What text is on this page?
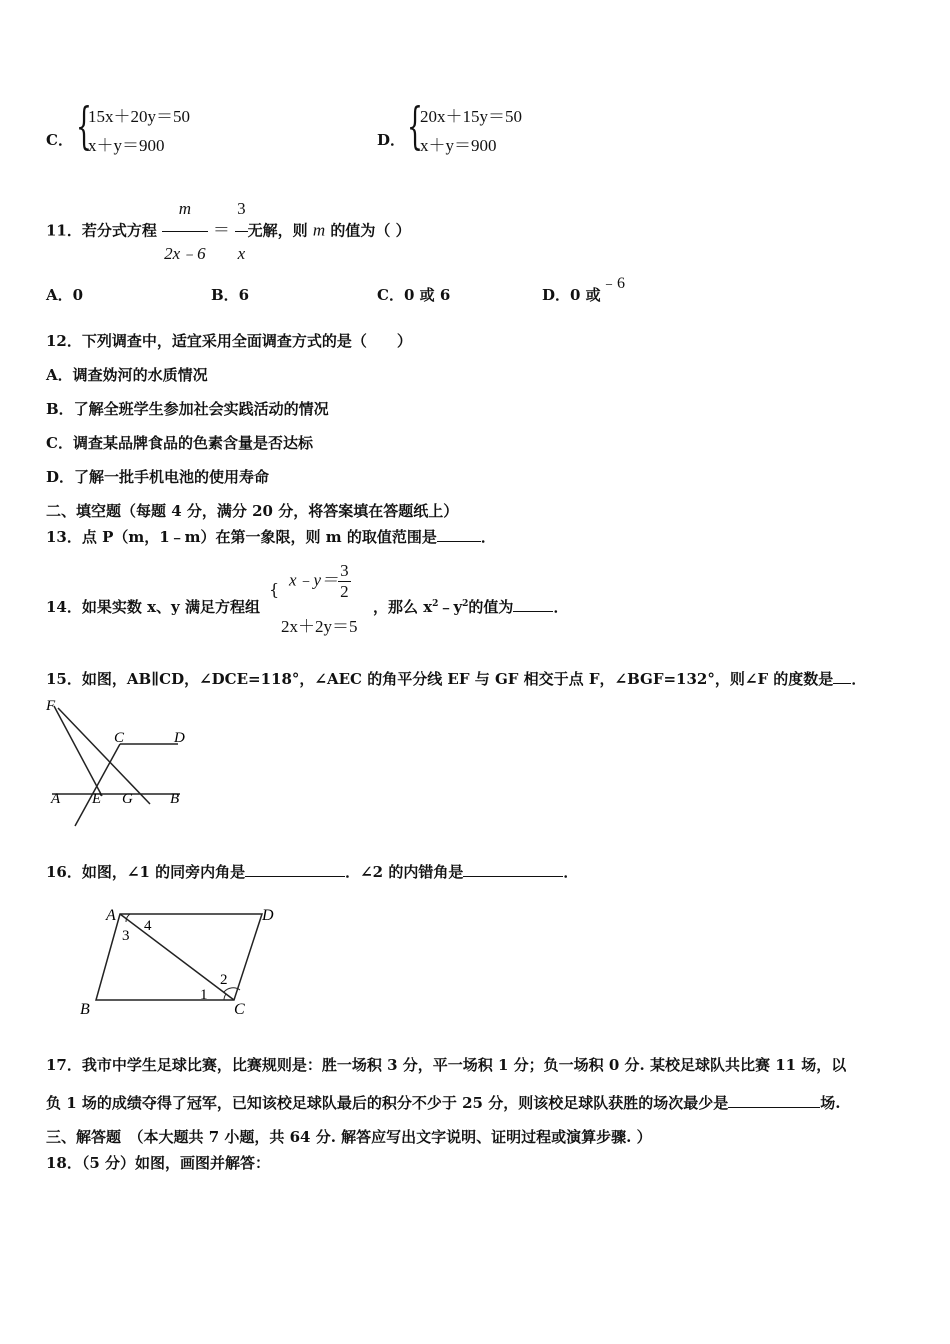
C． {
15x＋20y＝50
x＋y＝900	D． {
20x＋15y＝50
x＋y＝900
11．若分式方程 $\frac{m}{2x﹣6} = \frac{3}{x}$ 无解，则 m 的值为（ ）
A．0	B．6	C．0 或 6	D．0 或
﹣6
12．下列调查中，适宜采用全面调查方式的是（　　）
A．调查妫河的水质情况
B．了解全班学生参加社会实践活动的情况
C．调查某品牌食品的色素含量是否达标
D．了解一批手机电池的使用寿命
二、填空题（每题 4 分，满分 20 分，将答案填在答题纸上）
13．点 P（m，1﹣m）在第一象限，则 m 的取值范围是	．
14．如果实数 x、y 满足方程组
{
x﹣y＝ $\frac{3}{2}$
2x＋2y＝5
，那么 $x^2﹣y^2$的值为	．
15．如图，AB∥CD，∠DCE=118°，∠AEC 的角平分线 EF 与 GF 相交于点 F，∠BGF=132°，则∠F 的度数是 ．
F
C	D
A E G B
16．如图，∠1 的同旁内角是	．∠2 的内错角是	．
A	D
B	C
1
2
3
4
17．我市中学生足球比赛，比赛规则是：胜一场积 3 分，平一场积 1 分；负一场积 0 分. 某校足球队共比赛 11 场，以
负 1 场的成绩夺得了冠军，已知该校足球队最后的积分不少于 25 分，则该校足球队获胜的场次最少是	场.
三、解答题　（本大题共 7 小题，共 64 分. 解答应写出文字说明、证明过程或演算步骤. ）
18．（5 分）如图，画图并解答：
